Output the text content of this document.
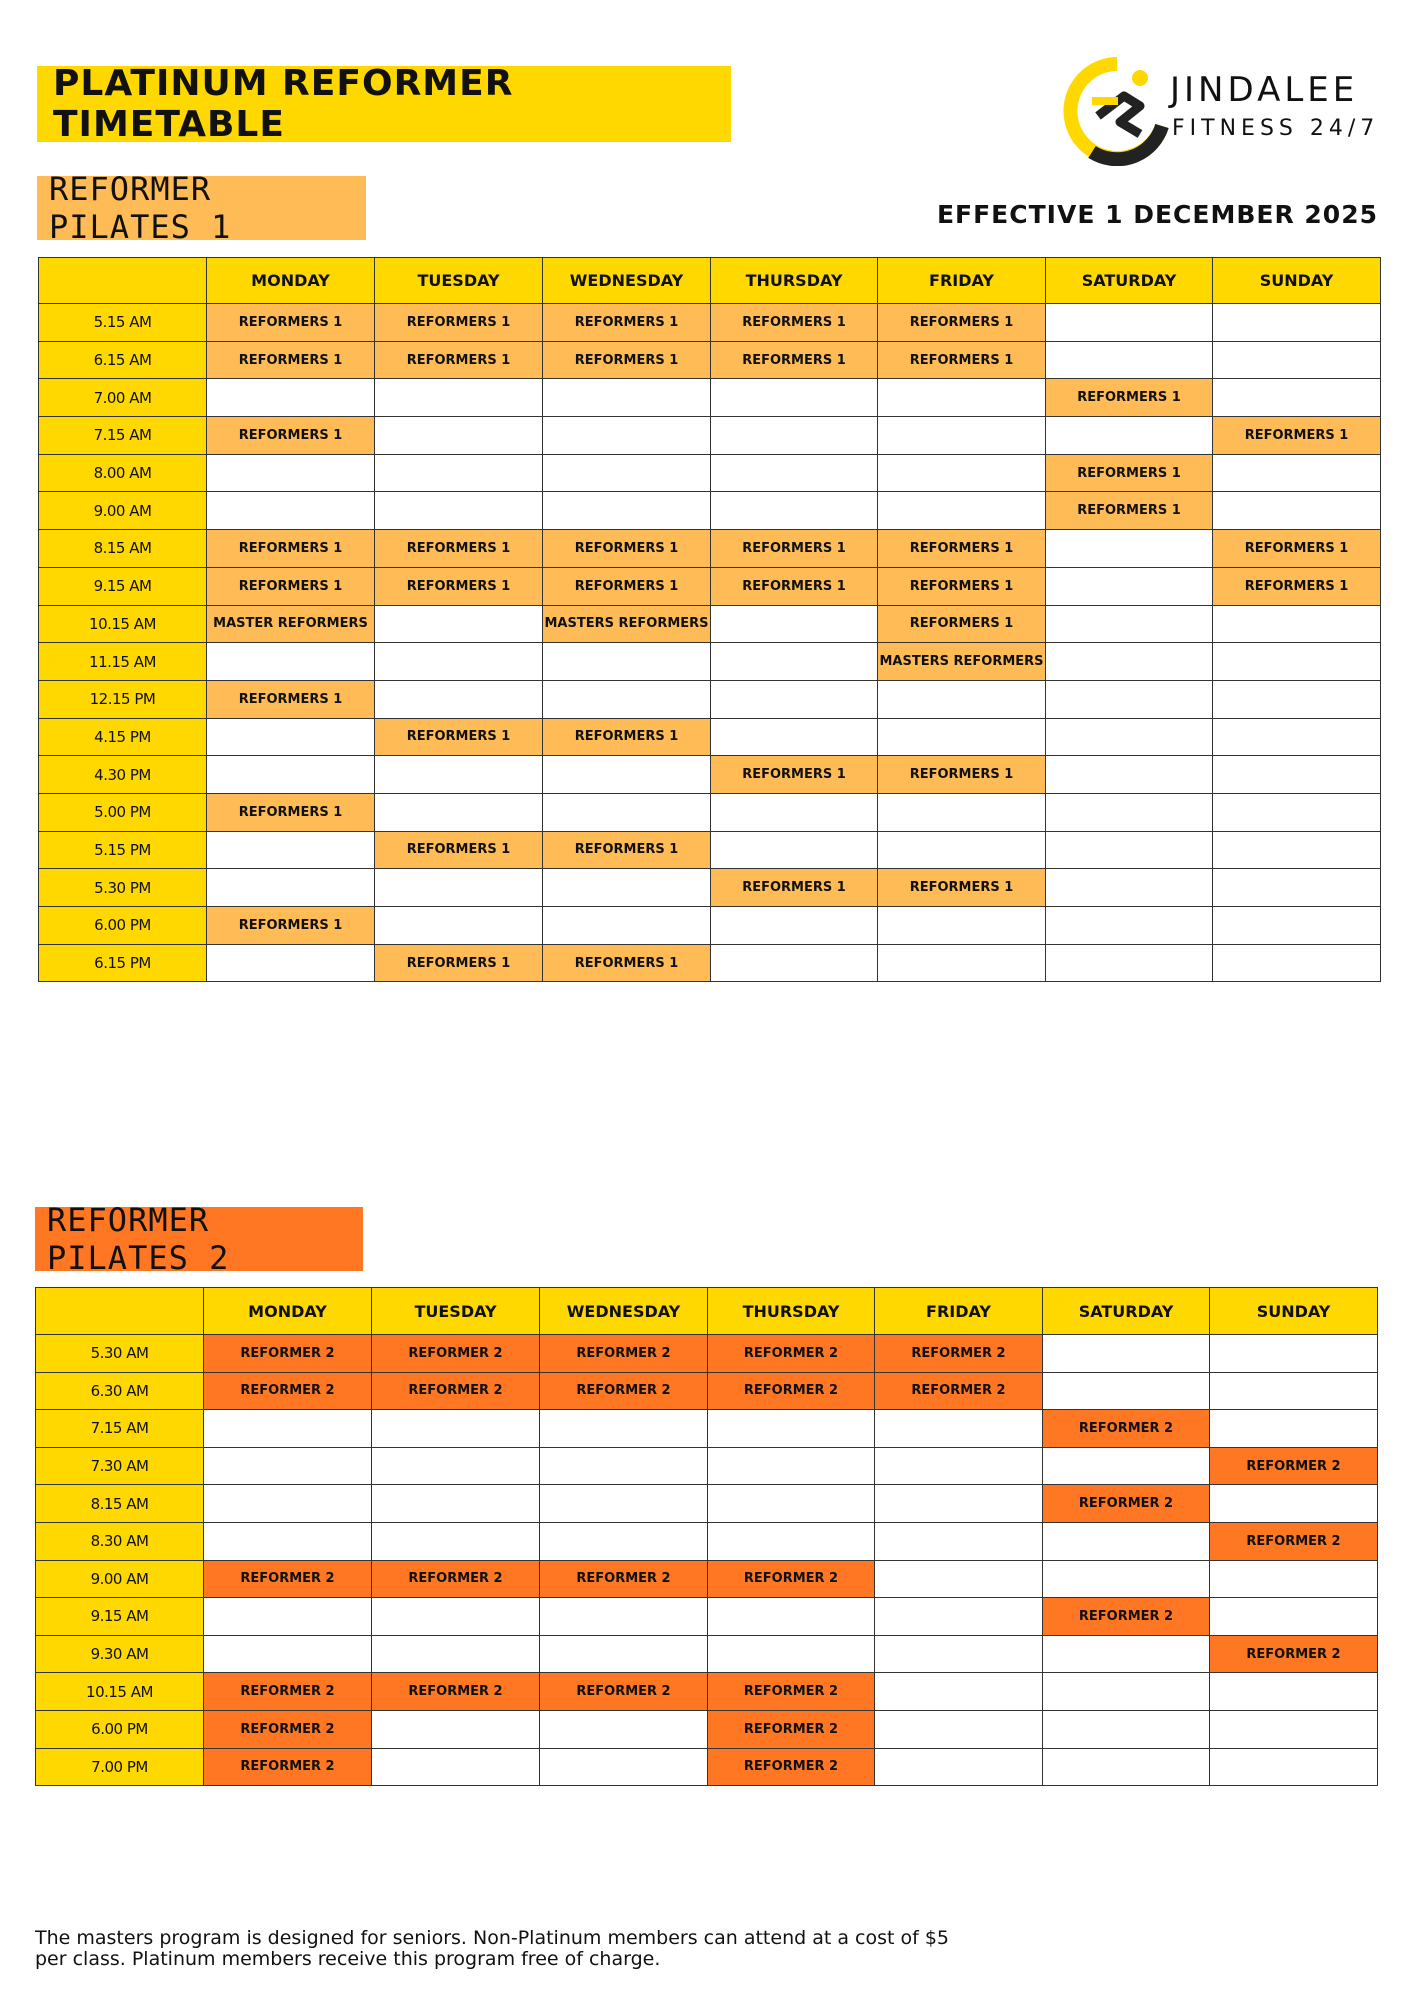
PLATINUM REFORMER TIMETABLE
JINDALEE
FITNESS 24/7
REFORMER PILATES 1	EFFECTIVE 1 DECEMBER 2025
	MONDAY	TUESDAY	WEDNESDAY	THURSDAY	FRIDAY	SATURDAY	SUNDAY
5.15 AM	REFORMERS 1	REFORMERS 1	REFORMERS 1	REFORMERS 1	REFORMERS 1		
6.15 AM	REFORMERS 1	REFORMERS 1	REFORMERS 1	REFORMERS 1	REFORMERS 1		
7.00 AM						REFORMERS 1	
7.15 AM	REFORMERS 1						REFORMERS 1
8.00 AM						REFORMERS 1	
9.00 AM						REFORMERS 1	
8.15 AM	REFORMERS 1	REFORMERS 1	REFORMERS 1	REFORMERS 1	REFORMERS 1		REFORMERS 1
9.15 AM	REFORMERS 1	REFORMERS 1	REFORMERS 1	REFORMERS 1	REFORMERS 1		REFORMERS 1
10.15 AM	MASTER REFORMERS		MASTERS REFORMERS		REFORMERS 1		
11.15 AM					MASTERS REFORMERS		
12.15 PM	REFORMERS 1						
4.15 PM		REFORMERS 1	REFORMERS 1				
4.30 PM				REFORMERS 1	REFORMERS 1		
5.00 PM	REFORMERS 1						
5.15 PM		REFORMERS 1	REFORMERS 1				
5.30 PM				REFORMERS 1	REFORMERS 1		
6.00 PM	REFORMERS 1						
6.15 PM		REFORMERS 1	REFORMERS 1				
REFORMER PILATES 2
	MONDAY	TUESDAY	WEDNESDAY	THURSDAY	FRIDAY	SATURDAY	SUNDAY
5.30 AM	REFORMER 2	REFORMER 2	REFORMER 2	REFORMER 2	REFORMER 2		
6.30 AM	REFORMER 2	REFORMER 2	REFORMER 2	REFORMER 2	REFORMER 2		
7.15 AM						REFORMER 2	
7.30 AM							REFORMER 2
8.15 AM						REFORMER 2	
8.30 AM							REFORMER 2
9.00 AM	REFORMER 2	REFORMER 2	REFORMER 2	REFORMER 2			
9.15 AM						REFORMER 2	
9.30 AM							REFORMER 2
10.15 AM	REFORMER 2	REFORMER 2	REFORMER 2	REFORMER 2			
6.00 PM	REFORMER 2			REFORMER 2			
7.00 PM	REFORMER 2			REFORMER 2			
The masters program is designed for seniors. Non-Platinum members can attend at a cost of $5
per class. Platinum members receive this program free of charge.
